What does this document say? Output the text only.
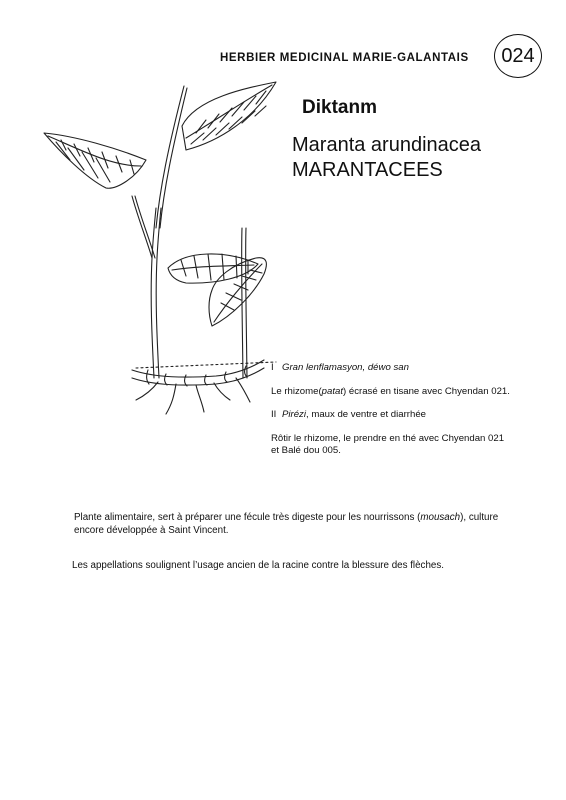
HERBIER MEDICINAL MARIE-GALANTAIS	024
Diktanm
Maranta arundinacea
MARANTACEES
I Gran lenflamasyon, déwo san
Le rhizome(patat) écrasé en tisane avec Chyendan 021.
II Pirézi, maux de ventre et diarrhée
Rôtir le rhizome, le prendre en thé avec Chyendan 021
et Balé dou 005.
Plante alimentaire, sert à préparer une fécule très digeste pour les nourrissons (mousach), culture
encore développée à Saint Vincent.
Les appellations soulignent l’usage ancien de la racine contre la blessure des flèches.
